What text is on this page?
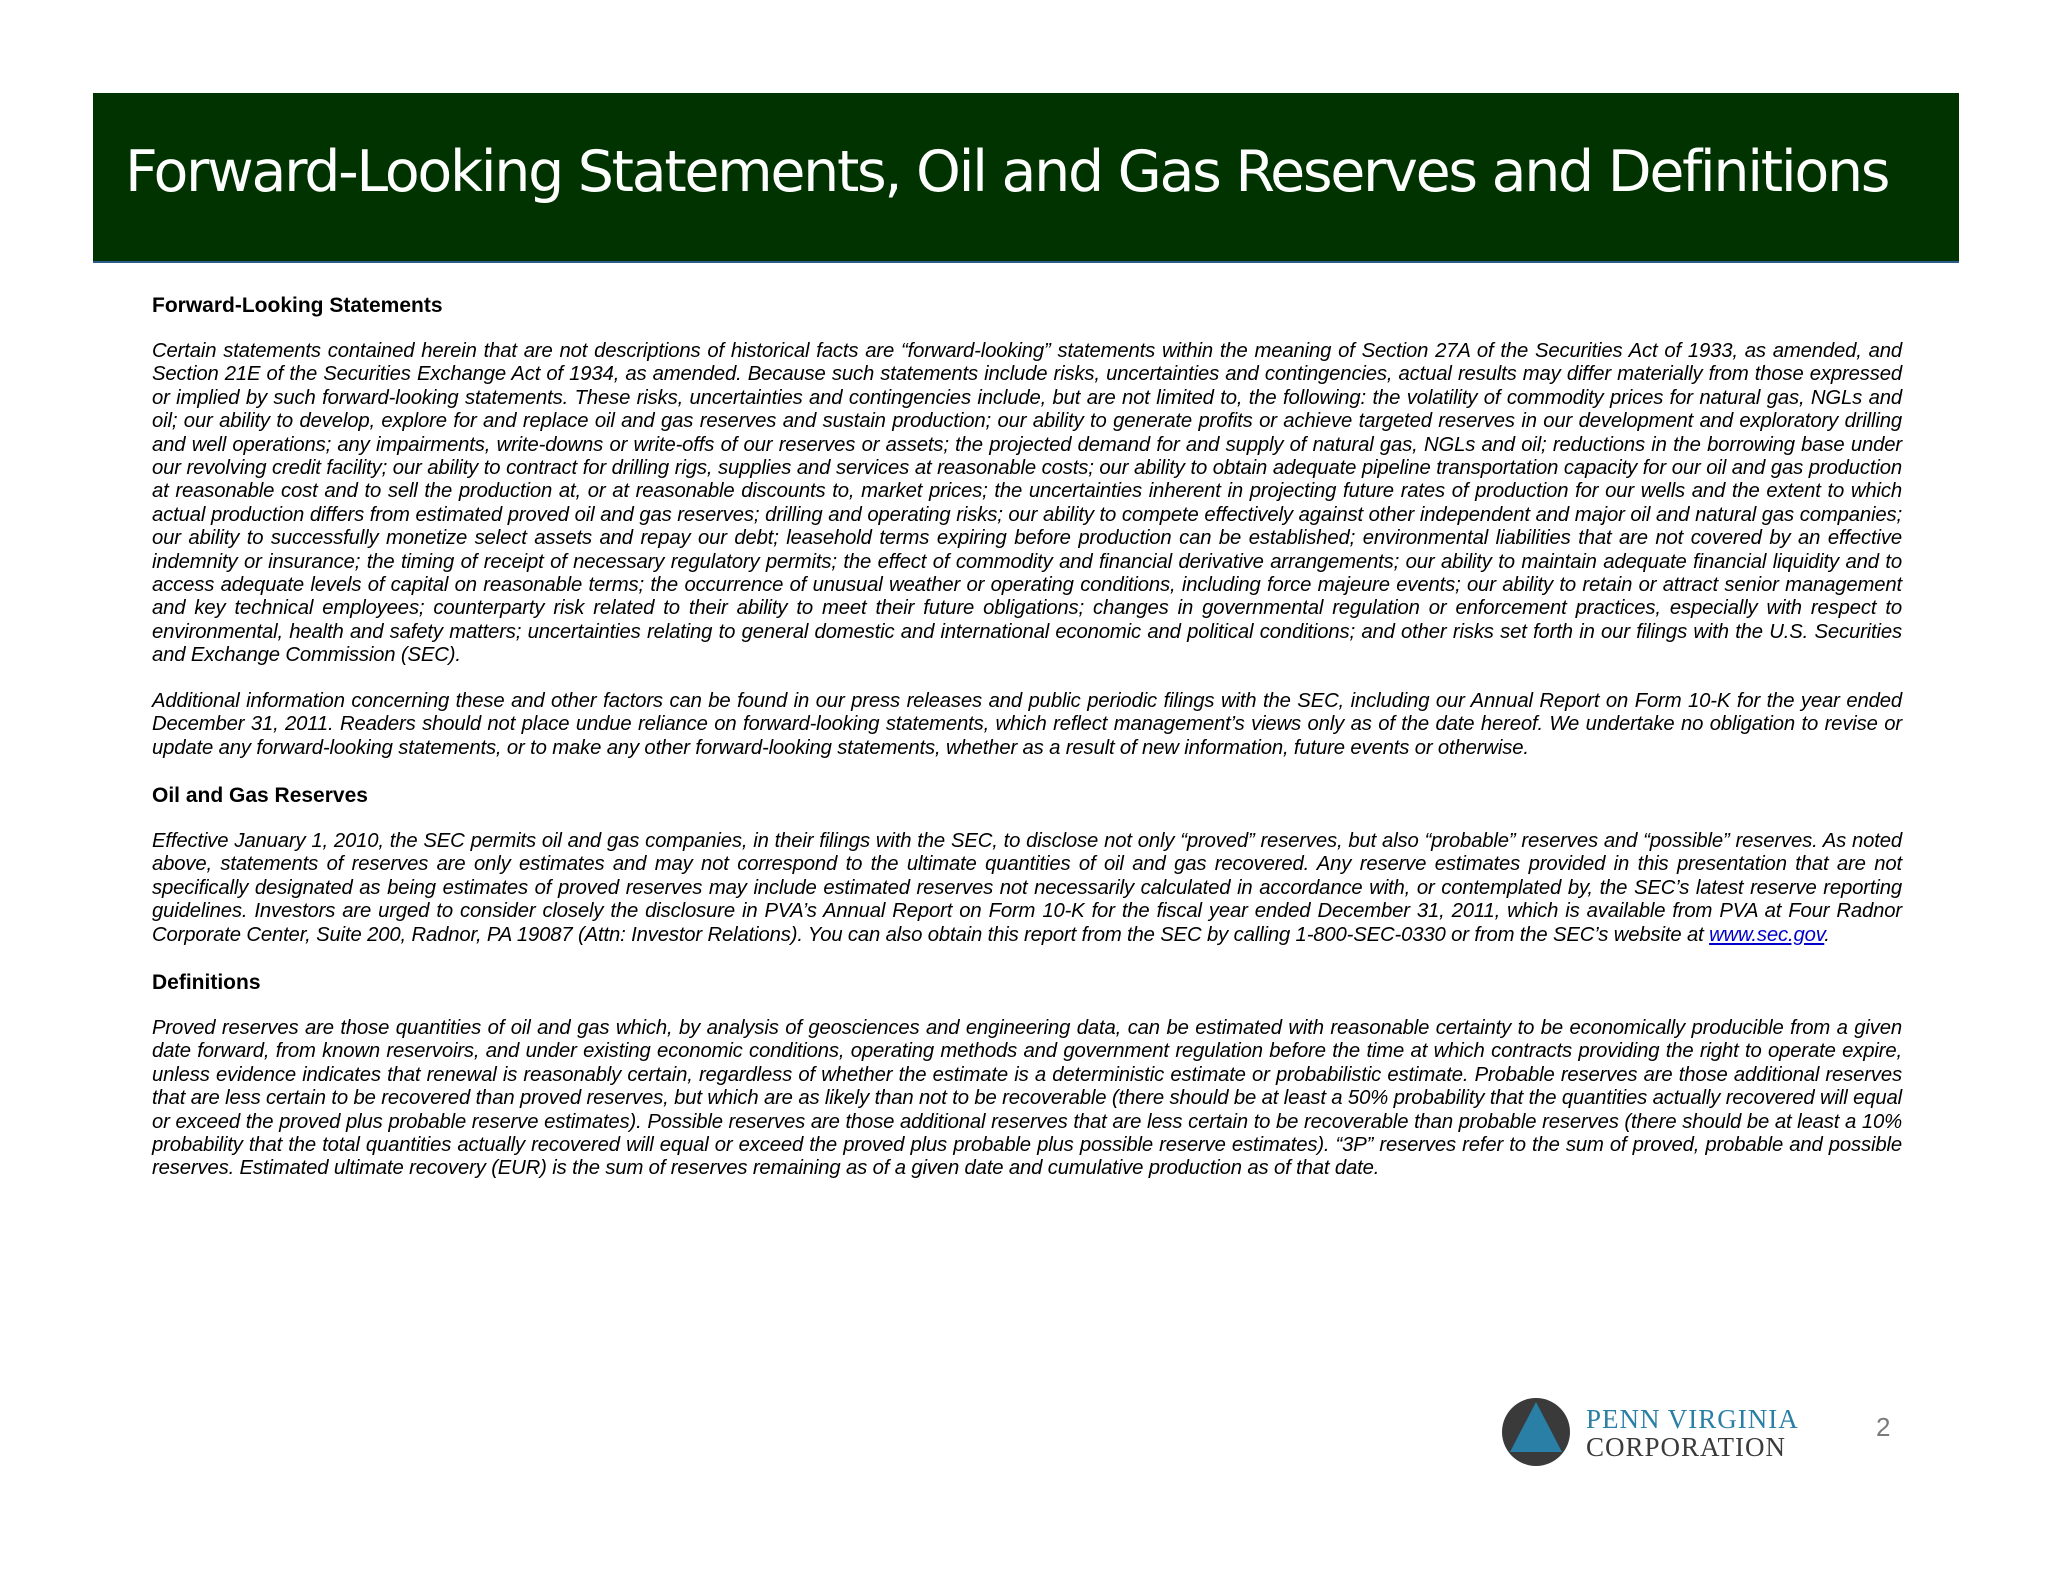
Forward-Looking Statements, Oil and Gas Reserves and Definitions
Forward-Looking Statements

Certain statements contained herein that are not descriptions of historical facts are “forward-looking” statements within the meaning of Section 27A of the Securities Act of 1933, as amended, and Section 21E of the Securities Exchange Act of 1934, as amended. Because such statements include risks, uncertainties and contingencies, actual results may differ materially from those expressed or implied by such forward-looking statements. These risks, uncertainties and contingencies include, but are not limited to, the following: the volatility of commodity prices for natural gas, NGLs and oil; our ability to develop, explore for and replace oil and gas reserves and sustain production; our ability to generate profits or achieve targeted reserves in our development and exploratory drilling and well operations; any impairments, write-downs or write-offs of our reserves or assets; the projected demand for and supply of natural gas, NGLs and oil; reductions in the borrowing base under our revolving credit facility; our ability to contract for drilling rigs, supplies and services at reasonable costs; our ability to obtain adequate pipeline transportation capacity for our oil and gas production at reasonable cost and to sell the production at, or at reasonable discounts to, market prices; the uncertainties inherent in projecting future rates of production for our wells and the extent to which actual production differs from estimated proved oil and gas reserves; drilling and operating risks; our ability to compete effectively against other independent and major oil and natural gas companies; our ability to successfully monetize select assets and repay our debt; leasehold terms expiring before production can be established; environmental liabilities that are not covered by an effective indemnity or insurance; the timing of receipt of necessary regulatory permits; the effect of commodity and financial derivative arrangements; our ability to maintain adequate financial liquidity and to access adequate levels of capital on reasonable terms; the occurrence of unusual weather or operating conditions, including force majeure events; our ability to retain or attract senior management and key technical employees; counterparty risk related to their ability to meet their future obligations; changes in governmental regulation or enforcement practices, especially with respect to environmental, health and safety matters; uncertainties relating to general domestic and international economic and political conditions; and other risks set forth in our filings with the U.S. Securities and Exchange Commission (SEC).

Additional information concerning these and other factors can be found in our press releases and public periodic filings with the SEC, including our Annual Report on Form 10-K for the year ended December 31, 2011. Readers should not place undue reliance on forward-looking statements, which reflect management’s views only as of the date hereof. We undertake no obligation to revise or update any forward-looking statements, or to make any other forward-looking statements, whether as a result of new information, future events or otherwise.

Oil and Gas Reserves

Effective January 1, 2010, the SEC permits oil and gas companies, in their filings with the SEC, to disclose not only “proved” reserves, but also “probable” reserves and “possible” reserves. As noted above, statements of reserves are only estimates and may not correspond to the ultimate quantities of oil and gas recovered. Any reserve estimates provided in this presentation that are not specifically designated as being estimates of proved reserves may include estimated reserves not necessarily calculated in accordance with, or contemplated by, the SEC’s latest reserve reporting guidelines. Investors are urged to consider closely the disclosure in PVA’s Annual Report on Form 10-K for the fiscal year ended December 31, 2011, which is available from PVA at Four Radnor Corporate Center, Suite 200, Radnor, PA 19087 (Attn: Investor Relations). You can also obtain this report from the SEC by calling 1-800-SEC-0330 or from the SEC’s website at www.sec.gov.

Definitions

Proved reserves are those quantities of oil and gas which, by analysis of geosciences and engineering data, can be estimated with reasonable certainty to be economically producible from a given date forward, from known reservoirs, and under existing economic conditions, operating methods and government regulation before the time at which contracts providing the right to operate expire, unless evidence indicates that renewal is reasonably certain, regardless of whether the estimate is a deterministic estimate or probabilistic estimate. Probable reserves are those additional reserves that are less certain to be recovered than proved reserves, but which are as likely than not to be recoverable (there should be at least a 50% probability that the quantities actually recovered will equal or exceed the proved plus probable reserve estimates). Possible reserves are those additional reserves that are less certain to be recoverable than probable reserves (there should be at least a 10% probability that the total quantities actually recovered will equal or exceed the proved plus probable plus possible reserve estimates). “3P” reserves refer to the sum of proved, probable and possible reserves. Estimated ultimate recovery (EUR) is the sum of reserves remaining as of a given date and cumulative production as of that date.

PENN VIRGINIA
CORPORATION
2
